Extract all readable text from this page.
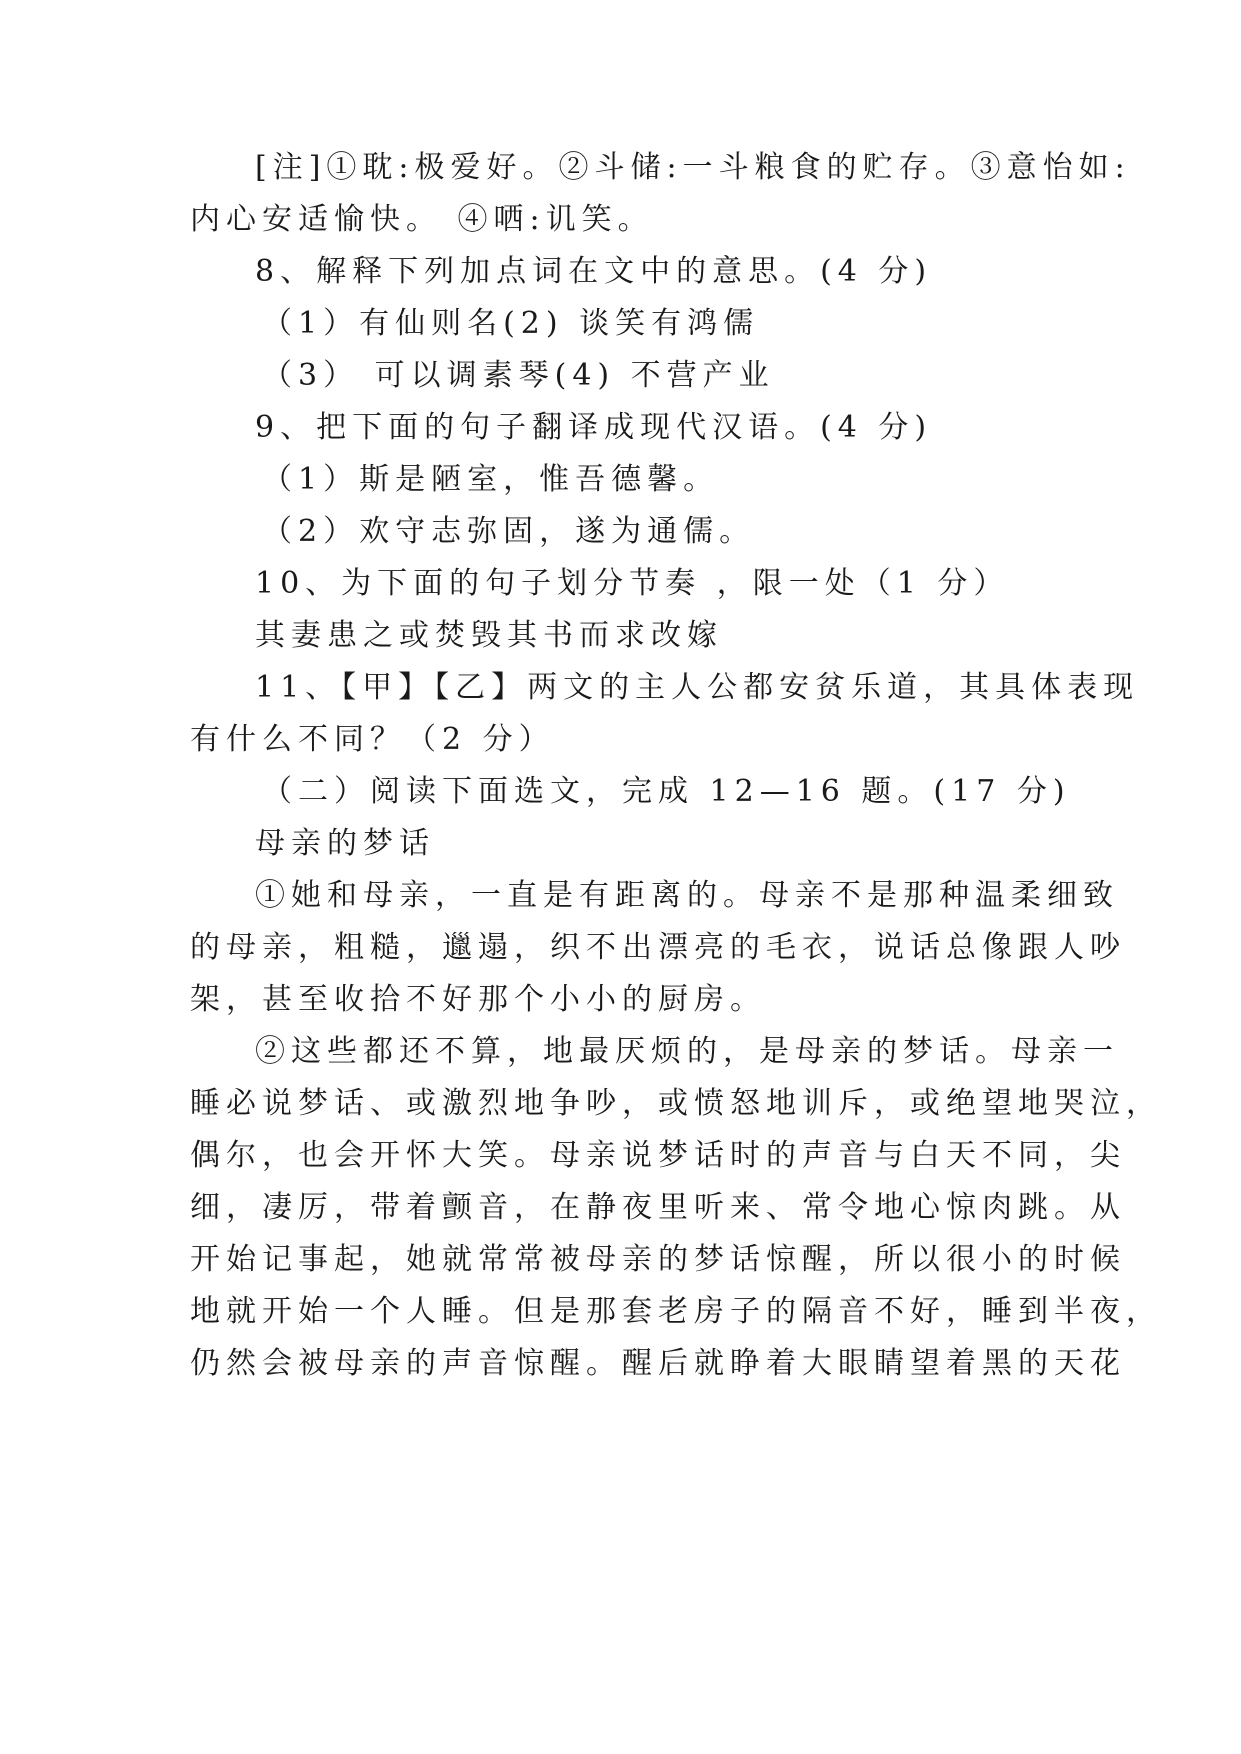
[注]①耽:极爱好。②斗储:一斗粮食的贮存。③意怡如:
内心安适愉快。 ④哂:讥笑。
8、解释下列加点词在文中的意思。(4 分)
（1）有仙则名(2) 谈笑有鸿儒
（3） 可以调素琴(4) 不营产业
9、把下面的句子翻译成现代汉语。(4 分)
（1）斯是陋室，惟吾德馨。
（2）欢守志弥固，遂为通儒。
10、为下面的句子划分节奏 ，限一处（1 分）
其妻患之或焚毁其书而求改嫁
11、【甲】【乙】两文的主人公都安贫乐道，其具体表现
有什么不同？（2 分）
（二）阅读下面选文，完成 12—16 题。(17 分)
母亲的梦话
①她和母亲，一直是有距离的。母亲不是那种温柔细致
的母亲，粗糙，邋遢，织不出漂亮的毛衣，说话总像跟人吵
架，甚至收拾不好那个小小的厨房。
②这些都还不算，地最厌烦的，是母亲的梦话。母亲一
睡必说梦话、或激烈地争吵，或愤怒地训斥，或绝望地哭泣，
偶尔，也会开怀大笑。母亲说梦话时的声音与白天不同，尖
细，凄厉，带着颤音，在静夜里听来、常令地心惊肉跳。从
开始记事起，她就常常被母亲的梦话惊醒，所以很小的时候
地就开始一个人睡。但是那套老房子的隔音不好，睡到半夜，
仍然会被母亲的声音惊醒。醒后就睁着大眼睛望着黑的天花
